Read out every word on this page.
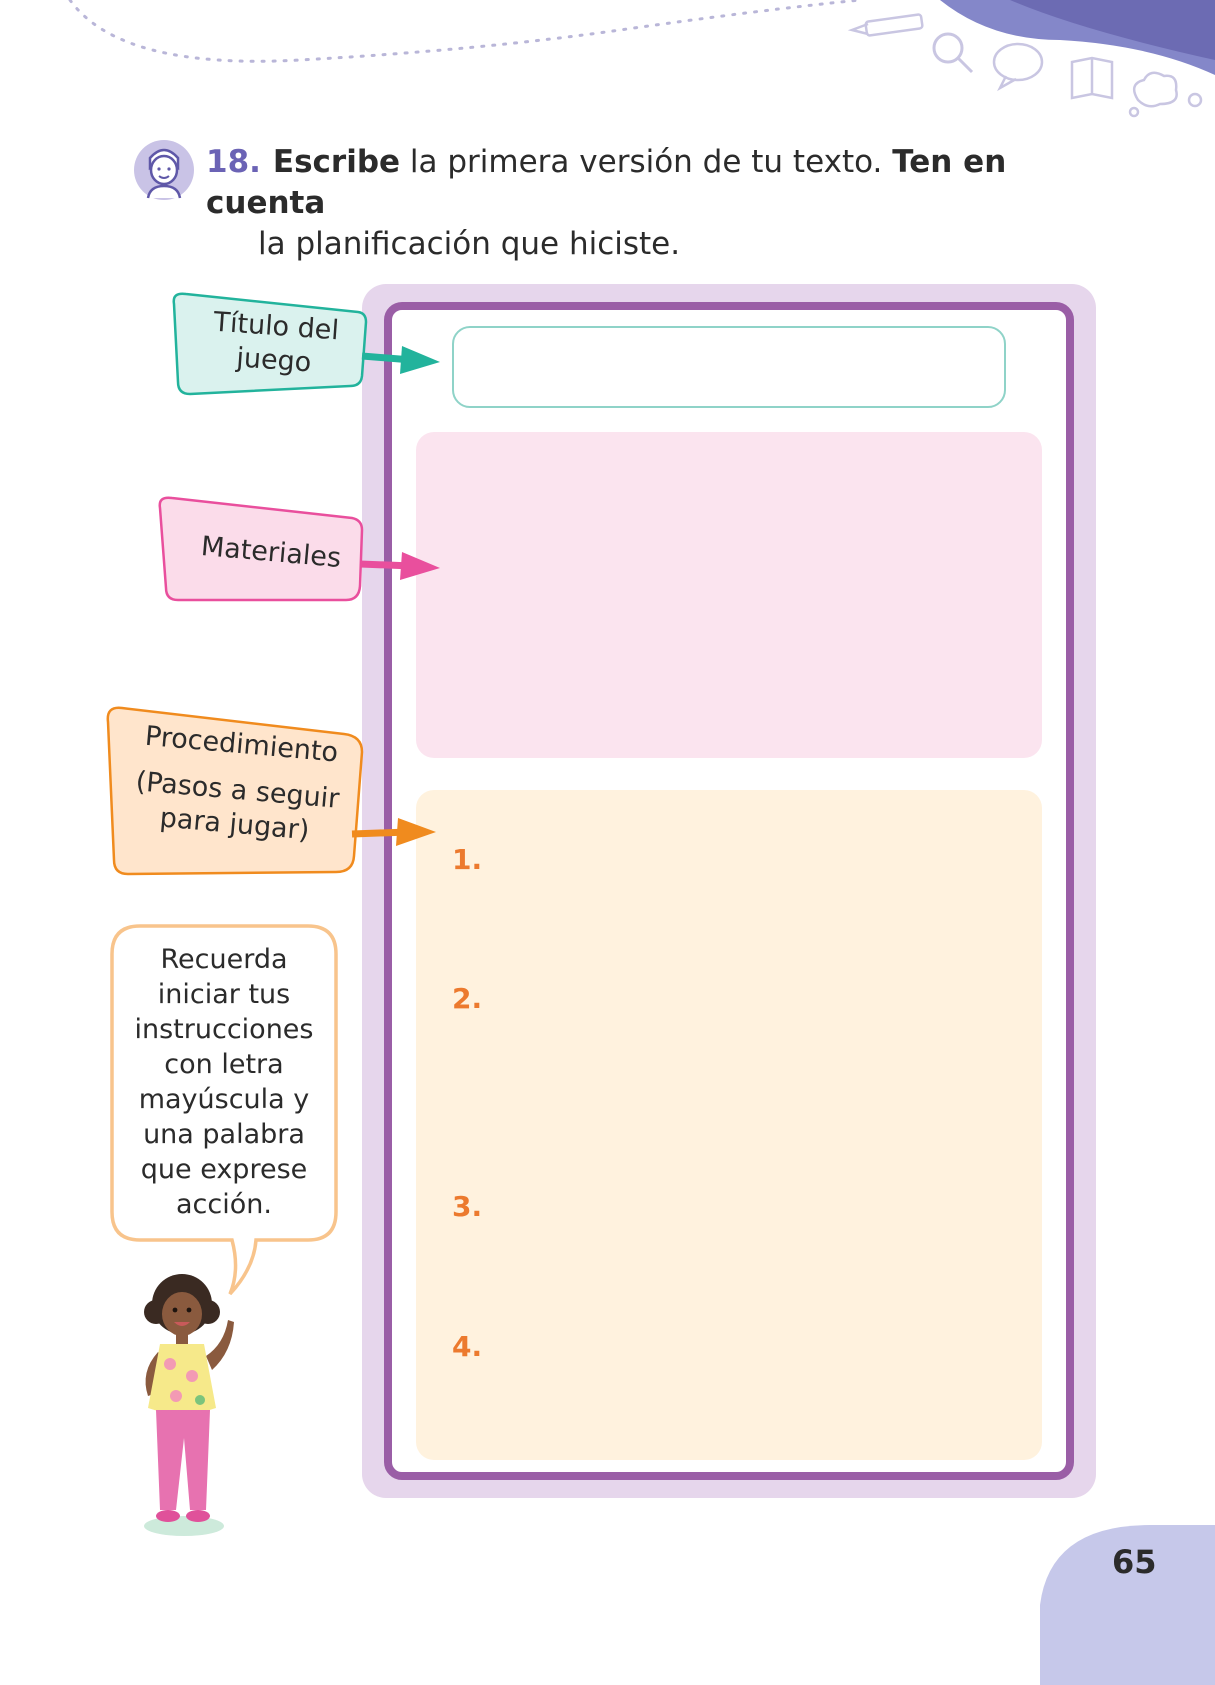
18. Escribe la primera versión de tu texto. Ten en cuenta
la planificación que hiciste.
1.
2.
3.
4.
Título del
juego
Materiales
Procedimiento
(Pasos a seguir
para jugar)
Recuerda
iniciar tus
instrucciones
con letra
mayúscula y
una palabra
que exprese
acción.
65
